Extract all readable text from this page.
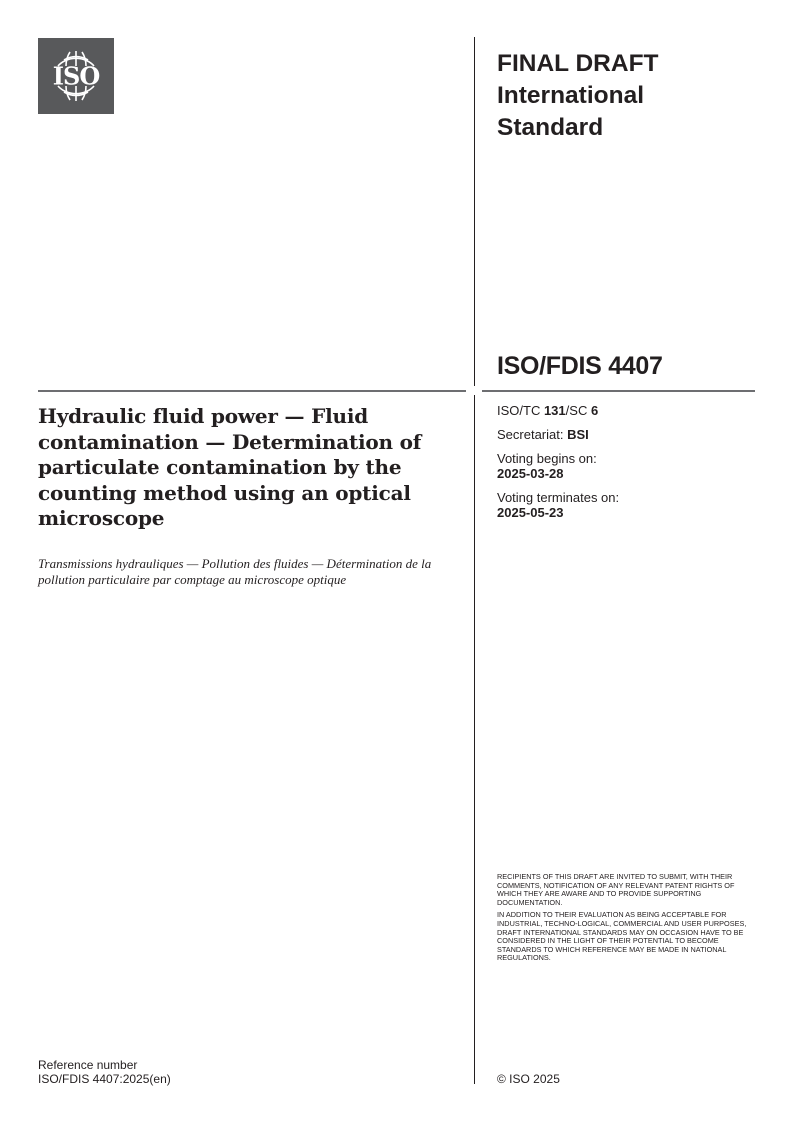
ISO	FINAL DRAFT
International
Standard
ISO/FDIS 4407
ISO/TC 131/SC 6
Secretariat: BSI
Voting begins on:
2025-03-28
Voting terminates on:
2025-05-23
Hydraulic fluid power — Fluid contamination — Determination of particulate contamination by the counting method using an optical microscope
Transmissions hydrauliques — Pollution des fluides — Détermination de la pollution particulaire par comptage au microscope optique

RECIPIENTS OF THIS DRAFT ARE INVITED TO SUBMIT, WITH THEIR COMMENTS, NOTIFICATION OF ANY RELEVANT PATENT RIGHTS OF WHICH THEY ARE AWARE AND TO PROVIDE SUPPORTING DOCUMENTATION.

IN ADDITION TO THEIR EVALUATION AS BEING ACCEPTABLE FOR INDUSTRIAL, TECHNO-LOGICAL, COMMERCIAL AND USER PURPOSES, DRAFT INTERNATIONAL STANDARDS MAY ON OCCASION HAVE TO BE CONSIDERED IN THE LIGHT OF THEIR POTENTIAL TO BECOME STANDARDS TO WHICH REFERENCE MAY BE MADE IN NATIONAL REGULATIONS.

Reference number
ISO/FDIS 4407:2025(en)	© ISO 2025
